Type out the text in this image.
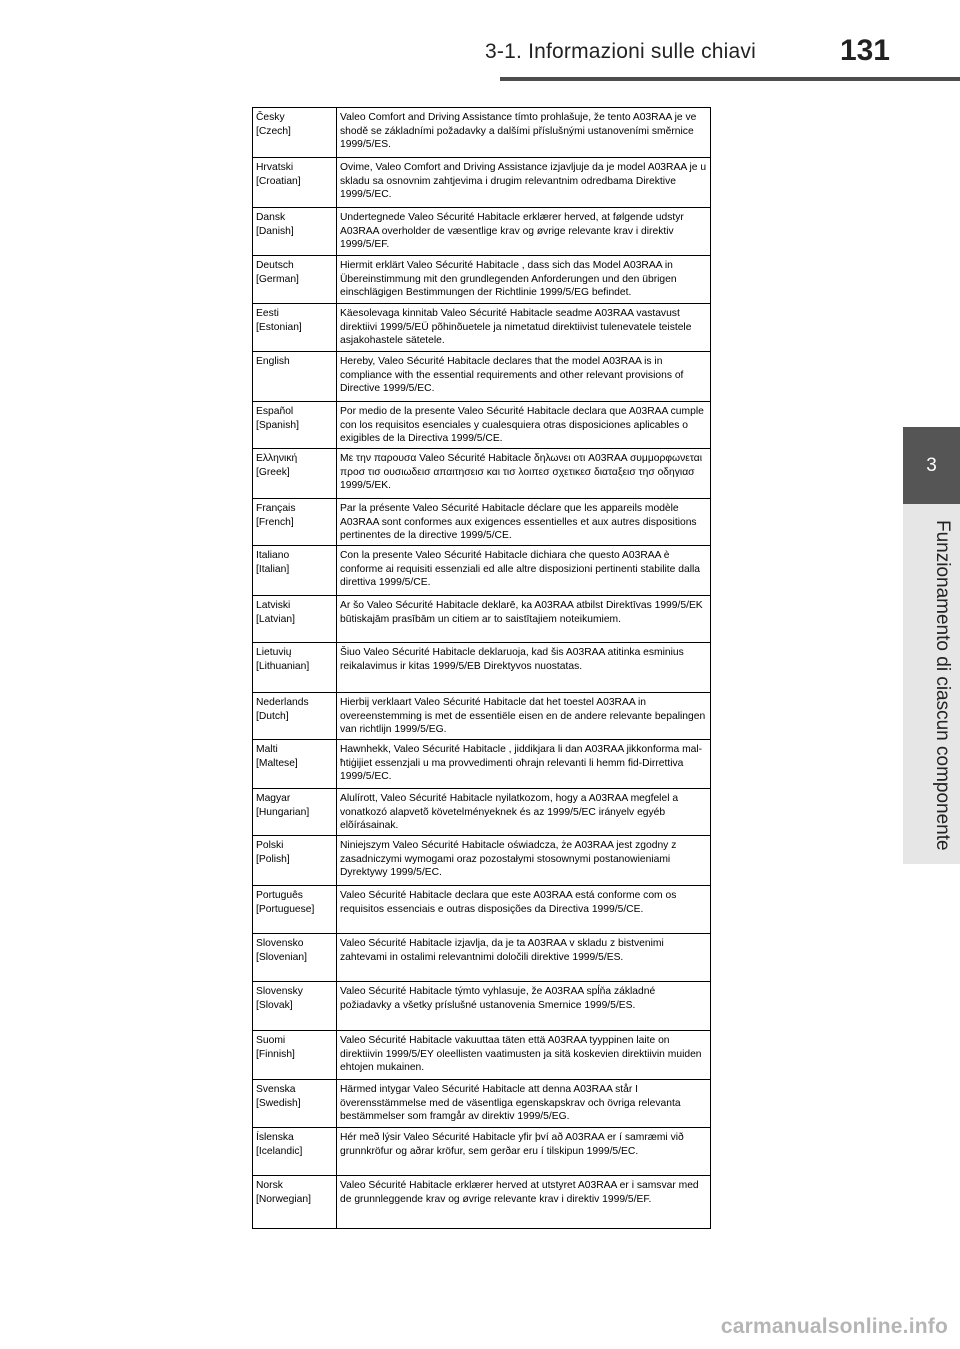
3-1. Informazioni sulle chiavi	131
3
Funzionamento di ciascun componente
Česky
[Czech]	Valeo Comfort and Driving Assistance tímto prohlašuje, že tento A03RAA je ve shodě se základními požadavky a dalšími příslušnými ustanoveními směrnice 1999/5/ES.

Hrvatski
[Croatian]	Ovime, Valeo Comfort and Driving Assistance izjavljuje da je model A03RAA je u skladu sa osnovnim zahtjevima i drugim relevantnim odredbama Direktive 1999/5/EC.

Dansk
[Danish]	Undertegnede Valeo Sécurité Habitacle erklærer herved, at følgende udstyr A03RAA overholder de væsentlige krav og øvrige relevante krav i direktiv 1999/5/EF.

Deutsch
[German]	Hiermit erklärt Valeo Sécurité Habitacle , dass sich das Model A03RAA in Übereinstimmung mit den grundlegenden Anforderungen und den übrigen einschlägigen Bestimmungen der Richtlinie 1999/5/EG befindet.

Eesti
[Estonian]	Käesolevaga kinnitab Valeo Sécurité Habitacle seadme A03RAA vastavust direktiivi 1999/5/EÜ põhinõuetele ja nimetatud direktiivist tulenevatele teistele asjakohastele sätetele.

English	Hereby, Valeo Sécurité Habitacle declares that the model A03RAA is in compliance with the essential requirements and other relevant provisions of Directive 1999/5/EC.

Español
[Spanish]	Por medio de la presente Valeo Sécurité Habitacle declara que A03RAA cumple con los requisitos esenciales y cualesquiera otras disposiciones aplicables o exigibles de la Directiva 1999/5/CE.

Ελληνική
[Greek]	Με την παρουσα Valeo Sécurité Habitacle δηλωνει οτι A03RAA συμμορφωνεται προσ τισ ουσιωδεισ απαιτησεισ και τισ λοιπεσ σχετικεσ διαταξεισ τησ οδηγιασ 1999/5/ΕΚ.

Français
[French]	Par la présente Valeo Sécurité Habitacle déclare que les appareils modèle A03RAA sont conformes aux exigences essentielles et aux autres dispositions pertinentes de la directive 1999/5/CE.

Italiano
[Italian]	Con la presente Valeo Sécurité Habitacle dichiara che questo A03RAA è conforme ai requisiti essenziali ed alle altre disposizioni pertinenti stabilite dalla direttiva 1999/5/CE.

Latviski
[Latvian]	Ar šo Valeo Sécurité Habitacle deklarē, ka A03RAA atbilst Direktīvas 1999/5/EK būtiskajām prasībām un citiem ar to saistītajiem noteikumiem.

Lietuvių
[Lithuanian]	Šiuo Valeo Sécurité Habitacle deklaruoja, kad šis A03RAA atitinka esminius reikalavimus ir kitas 1999/5/EB Direktyvos nuostatas.

Nederlands
[Dutch]	Hierbij verklaart Valeo Sécurité Habitacle dat het toestel A03RAA in overeenstemming is met de essentiële eisen en de andere relevante bepalingen van richtlijn 1999/5/EG.

Malti
[Maltese]	Hawnhekk, Valeo Sécurité Habitacle , jiddikjara li dan A03RAA jikkonforma mal-ħtiġijiet essenzjali u ma provvedimenti oħrajn relevanti li hemm fid-Dirrettiva 1999/5/EC.

Magyar
[Hungarian]	Alulírott, Valeo Sécurité Habitacle nyilatkozom, hogy a A03RAA megfelel a vonatkozó alapvetõ követelményeknek és az 1999/5/EC irányelv egyéb elõírásainak.

Polski
[Polish]	Niniejszym Valeo Sécurité Habitacle oświadcza, że A03RAA jest zgodny z zasadniczymi wymogami oraz pozostałymi stosownymi postanowieniami Dyrektywy 1999/5/EC.

Português
[Portuguese]	Valeo Sécurité Habitacle declara que este A03RAA está conforme com os requisitos essenciais e outras disposições da Directiva 1999/5/CE.

Slovensko
[Slovenian]	Valeo Sécurité Habitacle izjavlja, da je ta A03RAA v skladu z bistvenimi zahtevami in ostalimi relevantnimi določili direktive 1999/5/ES.

Slovensky
[Slovak]	Valeo Sécurité Habitacle týmto vyhlasuje, že A03RAA spĺňa základné požiadavky a všetky príslušné ustanovenia Smernice 1999/5/ES.

Suomi
[Finnish]	Valeo Sécurité Habitacle vakuuttaa täten että A03RAA tyyppinen laite on direktiivin 1999/5/EY oleellisten vaatimusten ja sitä koskevien direktiivin muiden ehtojen mukainen.

Svenska
[Swedish]	Härmed intygar Valeo Sécurité Habitacle att denna A03RAA står I överensstämmelse med de väsentliga egenskapskrav och övriga relevanta bestämmelser som framgår av direktiv 1999/5/EG.

Íslenska
[Icelandic]	Hér með lýsir Valeo Sécurité Habitacle yfir því að A03RAA er í samræmi við grunnkröfur og aðrar kröfur, sem gerðar eru í tilskipun 1999/5/EC.

Norsk
[Norwegian]	Valeo Sécurité Habitacle erklærer herved at utstyret A03RAA er i samsvar med de grunnleggende krav og øvrige relevante krav i direktiv 1999/5/EF.
carmanualsonline.info
